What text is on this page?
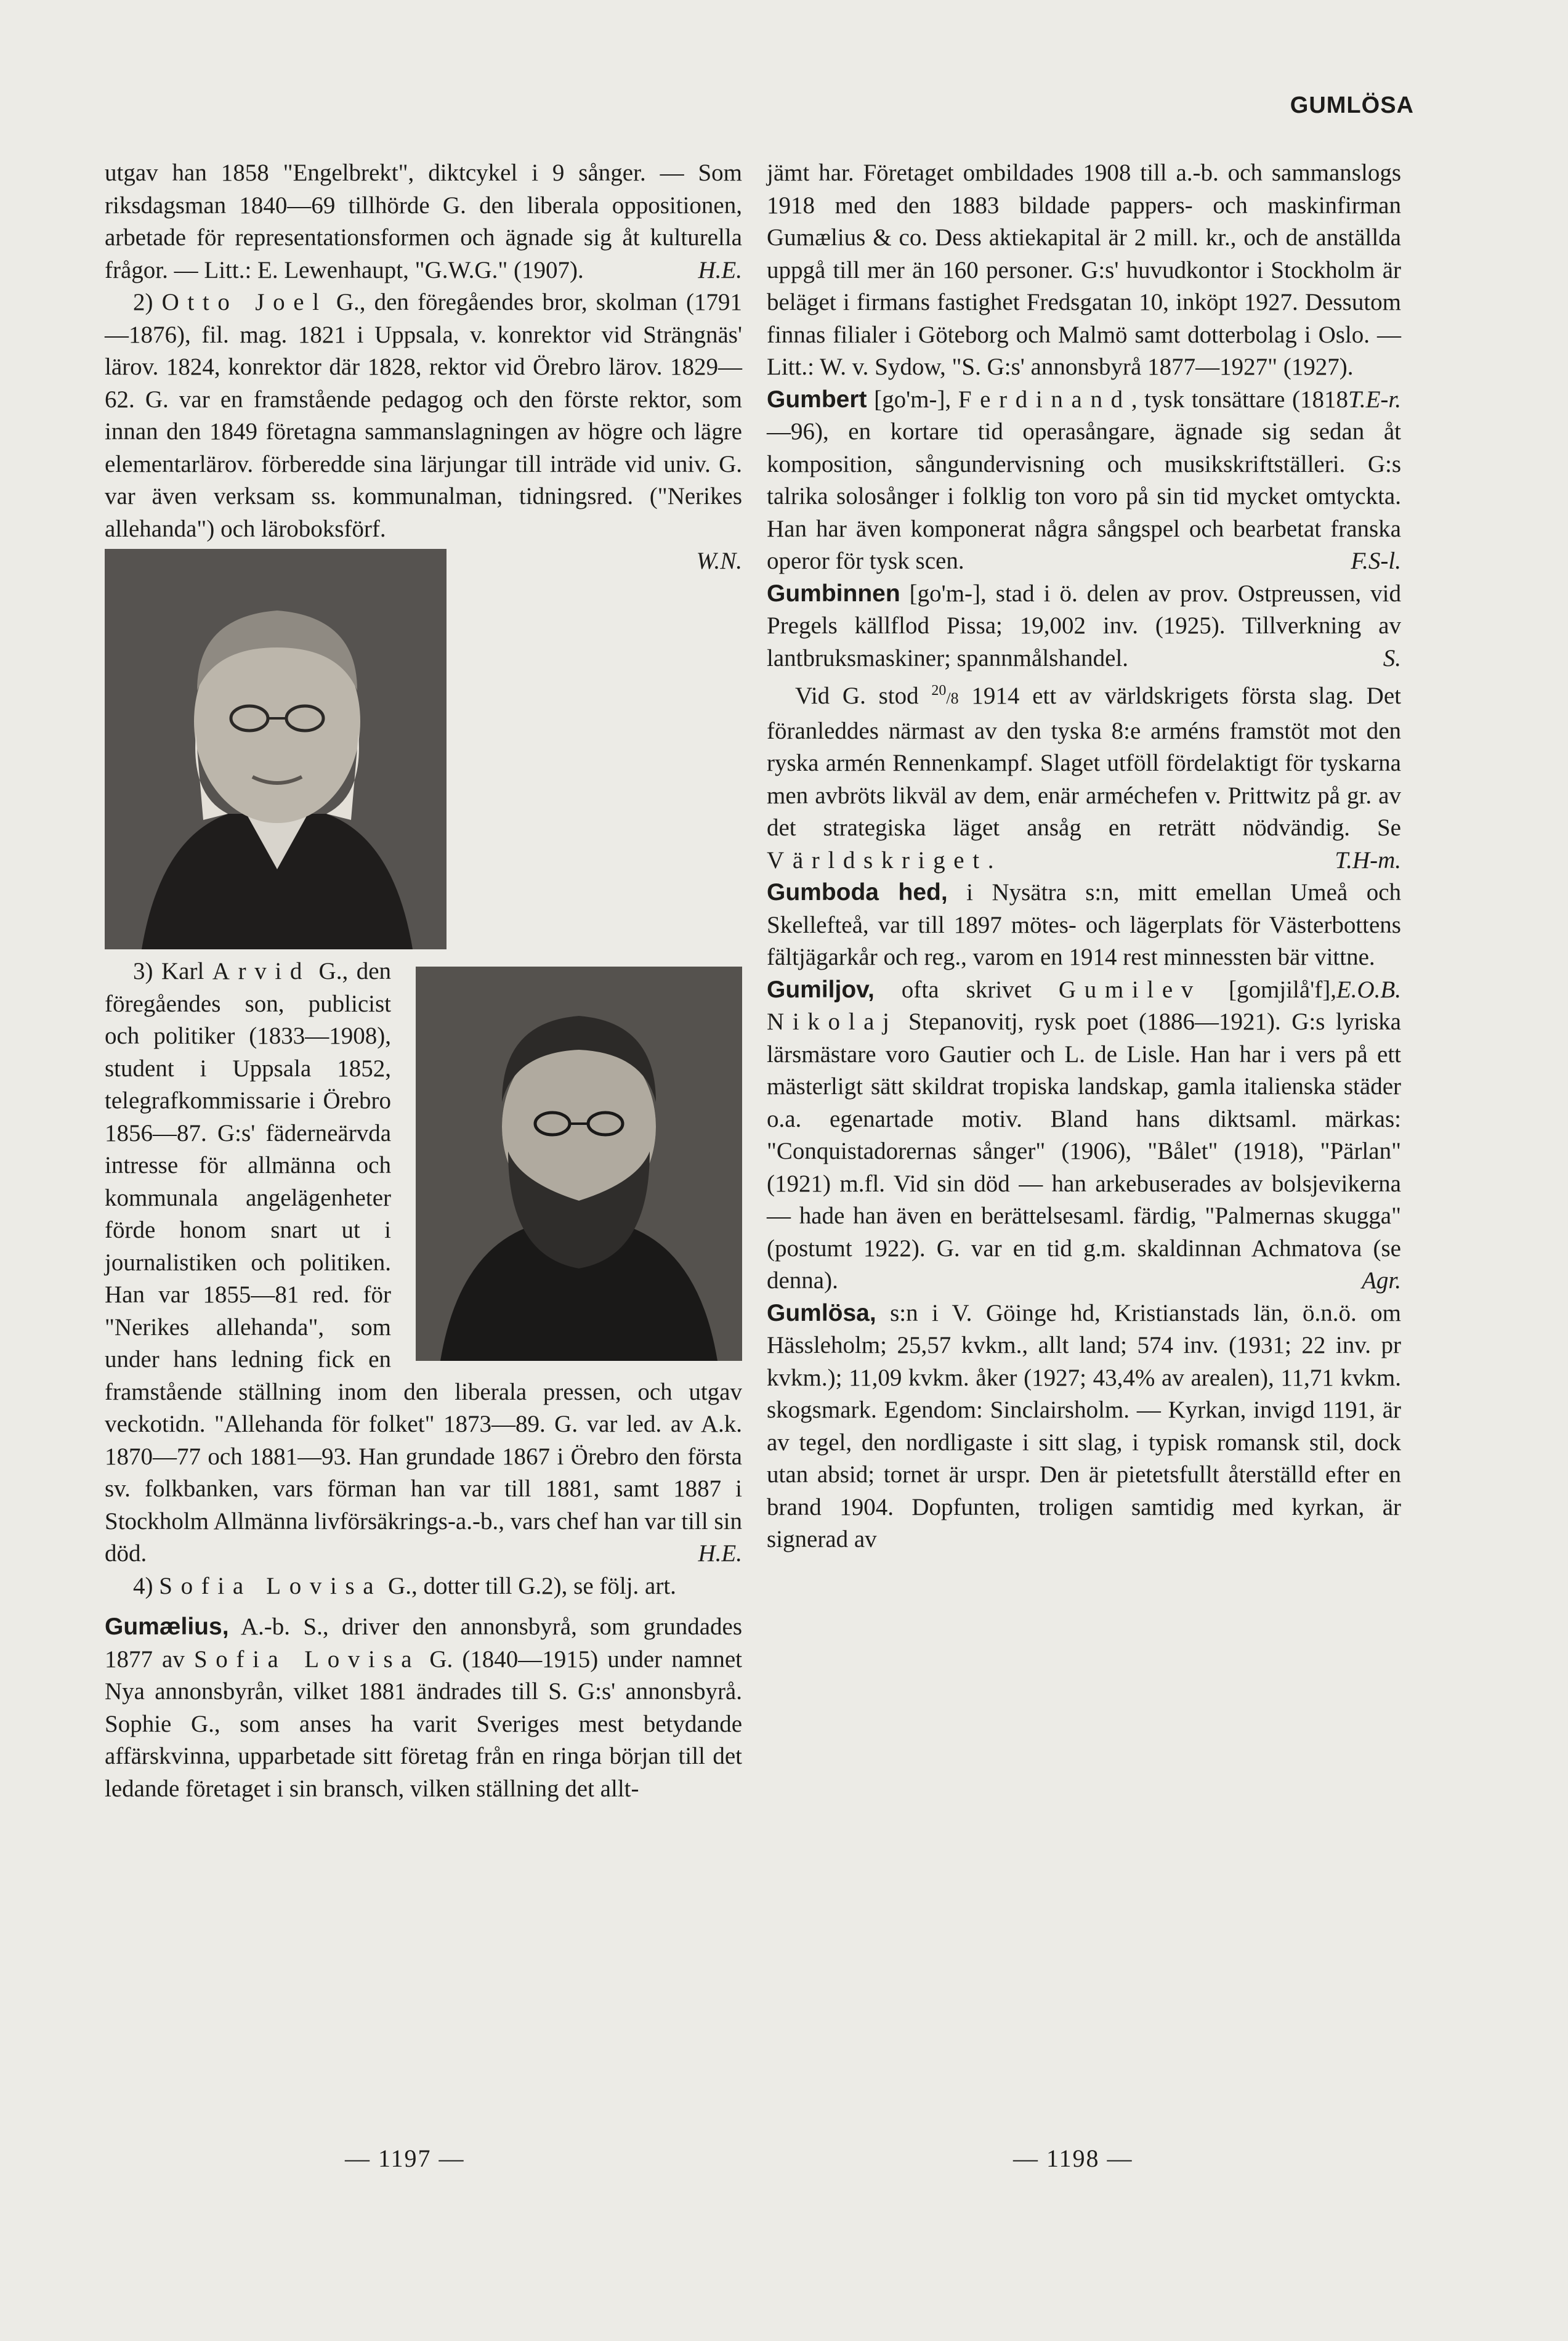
GUMLÖSA

utgav han 1858 "Engelbrekt", diktcykel i 9 sånger. — Som riksdagsman 1840—69 tillhörde G. den liberala oppositionen, arbetade för representationsformen och ägnade sig åt kulturella frågor. — Litt.: E. Lewenhaupt, "G.W.G." (1907).	H.E.

2) Otto Joel G., den föregåendes bror, skolman (1791—1876), fil. mag. 1821 i Uppsala, v. konrektor vid Strängnäs' lärov. 1824, konrektor där 1828, rektor vid Örebro lärov. 1829—62. G. var en framstående pedagog och den förste rektor, som innan den 1849 företagna sammanslagningen av högre och lägre elementarlärov. förberedde sina lärjungar till inträde vid univ. G. var även verksam ss. kommunalman, tidningsred. ("Nerikes allehanda") och läroboksförf.

W.N.

3) Karl Arvid
G., den föregåendes son, publicist och politiker (1833—1908), student i Uppsala 1852, telegrafkommissarie i Örebro 1856—87. G:s' fäderneärvda intresse för allmänna och kommunala angelägenheter förde honom snart ut i journalistiken och politiken. Han var 1855—81 red. för "Nerikes allehanda", som under hans ledning fick en framstående ställning inom den liberala pressen, och utgav veckotidn. "Allehanda för folket" 1873—89. G. var led. av A.k. 1870—77 och 1881—93. Han grundade 1867 i Örebro den första sv. folkbanken, vars förman han var till 1881, samt 1887 i Stockholm Allmänna livförsäkrings-a.-b., vars chef han var till sin död.	H.E.

4) Sofia Lovisa G., dotter till G.2), se följ. art.

Gumælius, A.-b. S., driver den annonsbyrå, som grundades 1877 av Sofia Lovisa G. (1840—1915) under namnet Nya annonsbyrån, vilket 1881 ändrades till S. G:s' annonsbyrå. Sophie G., som anses ha varit Sveriges mest betydande affärskvinna, upparbetade sitt företag från en ringa början till det ledande företaget i sin bransch, vilken ställning det allt-

jämt har. Företaget ombildades 1908 till a.-b. och sammanslogs 1918 med den 1883 bildade pappers- och maskinfirman Gumælius & co. Dess aktiekapital är 2 mill. kr., och de anställda uppgå till mer än 160 personer. G:s' huvudkontor i Stockholm är beläget i firmans fastighet Fredsgatan 10, inköpt 1927. Dessutom finnas filialer i Göteborg och Malmö samt dotterbolag i Oslo. — Litt.: W. v. Sydow, "S. G:s' annonsbyrå 1877—1927" (1927).
T.E-r.

Gumbert [go'm-], Ferdinand, tysk tonsättare (1818—96), en kortare tid operasångare, ägnade sig sedan åt komposition, sångundervisning och musikskriftställeri. G:s talrika solosånger i folklig ton voro på sin tid mycket omtyckta. Han har även komponerat några sångspel och bearbetat franska operor för tysk scen.	F.S-l.

Gumbinnen [go'm-], stad i ö. delen av prov. Ostpreussen, vid Pregels källflod Pissa; 19,002 inv. (1925). Tillverkning av lantbruksmaskiner; spannmålshandel.	S.

Vid G. stod $^{20}$/8 1914 ett av världskrigets första slag. Det föranleddes närmast av den tyska 8:e arméns framstöt mot den ryska armén Rennenkampf. Slaget utföll fördelaktigt för tyskarna men avbröts likväl av dem, enär arméchefen v. Prittwitz på gr. av det strategiska läget ansåg en reträtt nödvändig. Se Världskriget.	T.H-m.

Gumboda hed, i Nysätra s:n, mitt emellan Umeå och Skellefteå, var till 1897 mötes- och lägerplats för Västerbottens fältjägarkår och reg., varom en 1914 rest minnessten bär vittne.
E.O.B.

Gumiljov, ofta skrivet Gumilev [gomjilå'f], Nikolaj Stepanovitj, rysk poet (1886—1921). G:s lyriska lärsmästare voro Gautier och L. de Lisle. Han har i vers på ett mästerligt sätt skildrat tropiska landskap, gamla italienska städer o.a. egenartade motiv. Bland hans diktsaml. märkas: "Conquistadorernas sånger" (1906), "Bålet" (1918), "Pärlan" (1921) m.fl. Vid sin död — han arkebuserades av bolsjevikerna — hade han även en berättelsesaml. färdig, "Palmernas skugga" (postumt 1922). G. var en tid g.m. skaldinnan Achmatova (se denna).	Agr.

Gumlösa, s:n i V. Göinge hd, Kristianstads län, ö.n.ö. om Hässleholm; 25,57 kvkm., allt land; 574 inv. (1931; 22 inv. pr kvkm.); 11,09 kvkm. åker (1927; 43,4% av arealen), 11,71 kvkm. skogsmark. Egendom: Sinclairsholm. — Kyrkan, invigd 1191, är av tegel, den nordligaste i sitt slag, i typisk romansk stil, dock utan absid; tornet är urspr. Den är pietetsfullt återställd efter en brand 1904. Dopfunten, troligen samtidig med kyrkan, är signerad av

— 1197 —	— 1198 —
